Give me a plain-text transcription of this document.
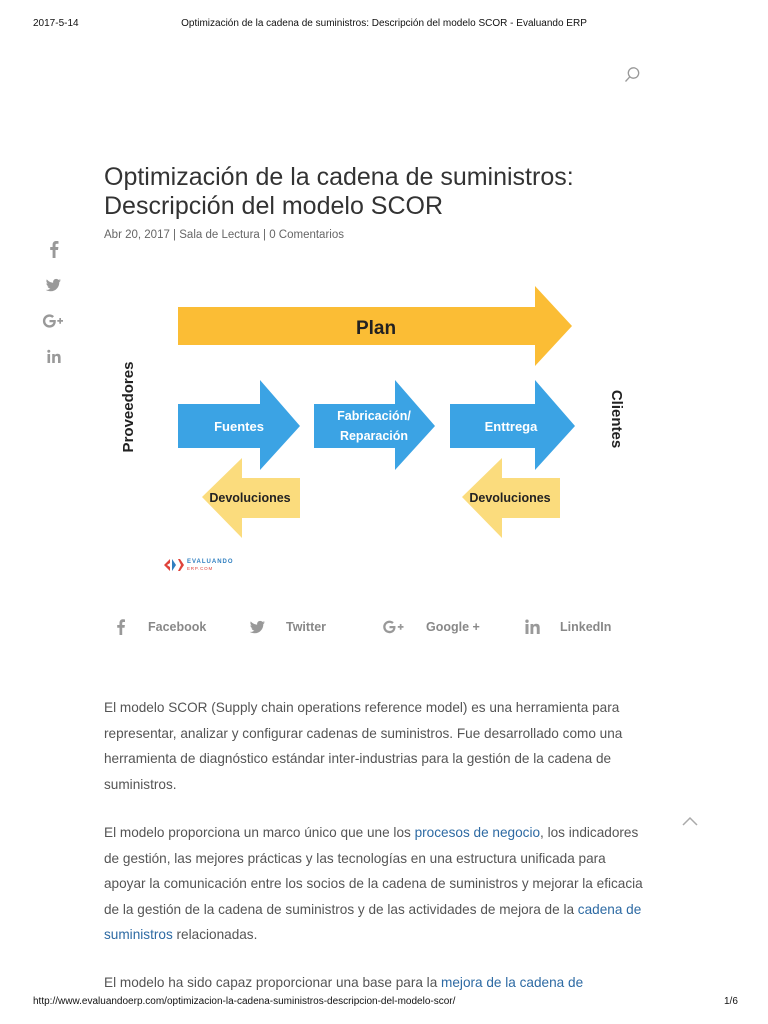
2017-5-14	Optimización de la cadena de suministros: Descripción del modelo SCOR - Evaluando ERP
Optimización de la cadena de suministros:
Descripción del modelo SCOR
Abr 20, 2017 | Sala de Lectura | 0 Comentarios
Plan
Proveedores	Clientes
Fuentes
Fabricación/
Reparación
Enttrega
Devoluciones	Devoluciones
EVALUANDO
ERP.COM
Facebook	Twitter	Google +	LinkedIn

El modelo SCOR (Supply chain operations reference model) es una herramienta para representar, analizar y configurar cadenas de suministros. Fue desarrollado como una herramienta de diagnóstico estándar inter-industrias para la gestión de la cadena de suministros.

El modelo proporciona un marco único que une los procesos de negocio, los indicadores de gestión, las mejores prácticas y las tecnologías en una estructura unificada para apoyar la comunicación entre los socios de la cadena de suministros y mejorar la eficacia de la gestión de la cadena de suministros y de las actividades de mejora de la cadena de suministros relacionadas.

El modelo ha sido capaz proporcionar una base para la mejora de la cadena de

http://www.evaluandoerp.com/optimizacion-la-cadena-suministros-descripcion-del-modelo-scor/	1/6
